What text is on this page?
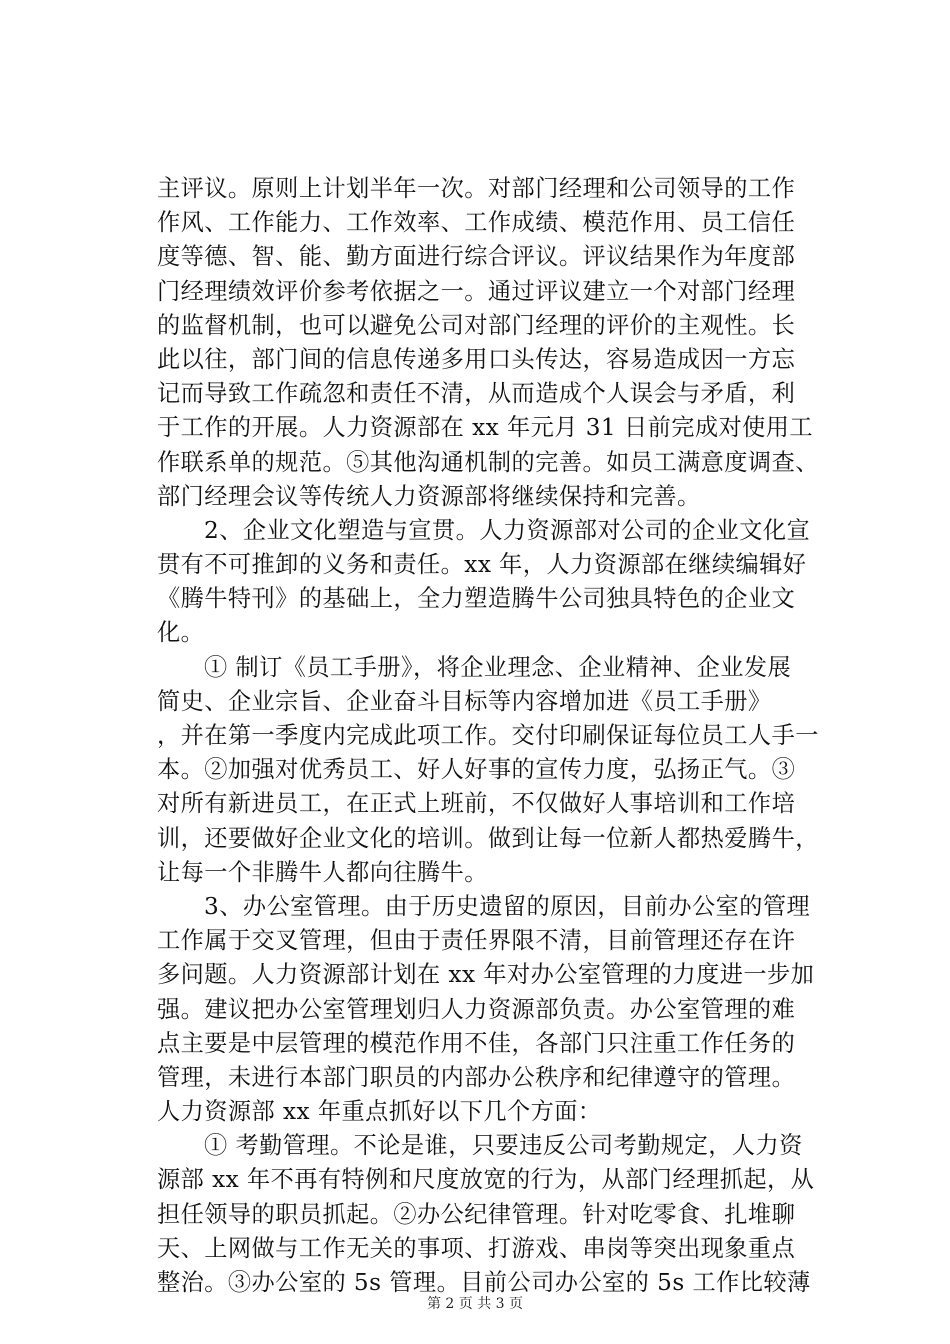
主评议。原则上计划半年一次。对部门经理和公司领导的工作
作风、工作能力、工作效率、工作成绩、模范作用、员工信任
度等德、智、能、勤方面进行综合评议。评议结果作为年度部
门经理绩效评价参考依据之一。通过评议建立一个对部门经理
的监督机制，也可以避免公司对部门经理的评价的主观性。长
此以往，部门间的信息传递多用口头传达，容易造成因一方忘
记而导致工作疏忽和责任不清，从而造成个人误会与矛盾，利
于工作的开展。人力资源部在 xx 年元月 31 日前完成对使用工
作联系单的规范。⑤其他沟通机制的完善。如员工满意度调查、
部门经理会议等传统人力资源部将继续保持和完善。
2、企业文化塑造与宣贯。人力资源部对公司的企业文化宣
贯有不可推卸的义务和责任。xx 年，人力资源部在继续编辑好
《腾牛特刊》的基础上，全力塑造腾牛公司独具特色的企业文
化。
① 制订《员工手册》，将企业理念、企业精神、企业发展
简史、企业宗旨、企业奋斗目标等内容增加进《员工手册》
，并在第一季度内完成此项工作。交付印刷保证每位员工人手一
本。②加强对优秀员工、好人好事的宣传力度，弘扬正气。③
对所有新进员工，在正式上班前，不仅做好人事培训和工作培
训，还要做好企业文化的培训。做到让每一位新人都热爱腾牛，
让每一个非腾牛人都向往腾牛。
3、办公室管理。由于历史遗留的原因，目前办公室的管理
工作属于交叉管理，但由于责任界限不清，目前管理还存在许
多问题。人力资源部计划在 xx 年对办公室管理的力度进一步加
强。建议把办公室管理划归人力资源部负责。办公室管理的难
点主要是中层管理的模范作用不佳，各部门只注重工作任务的
管理，未进行本部门职员的内部办公秩序和纪律遵守的管理。
人力资源部 xx 年重点抓好以下几个方面：
① 考勤管理。不论是谁，只要违反公司考勤规定，人力资
源部 xx 年不再有特例和尺度放宽的行为，从部门经理抓起，从
担任领导的职员抓起。②办公纪律管理。针对吃零食、扎堆聊
天、上网做与工作无关的事项、打游戏、串岗等突出现象重点
整治。③办公室的 5s 管理。目前公司办公室的 5s 工作比较薄
第 2 页 共 3 页
